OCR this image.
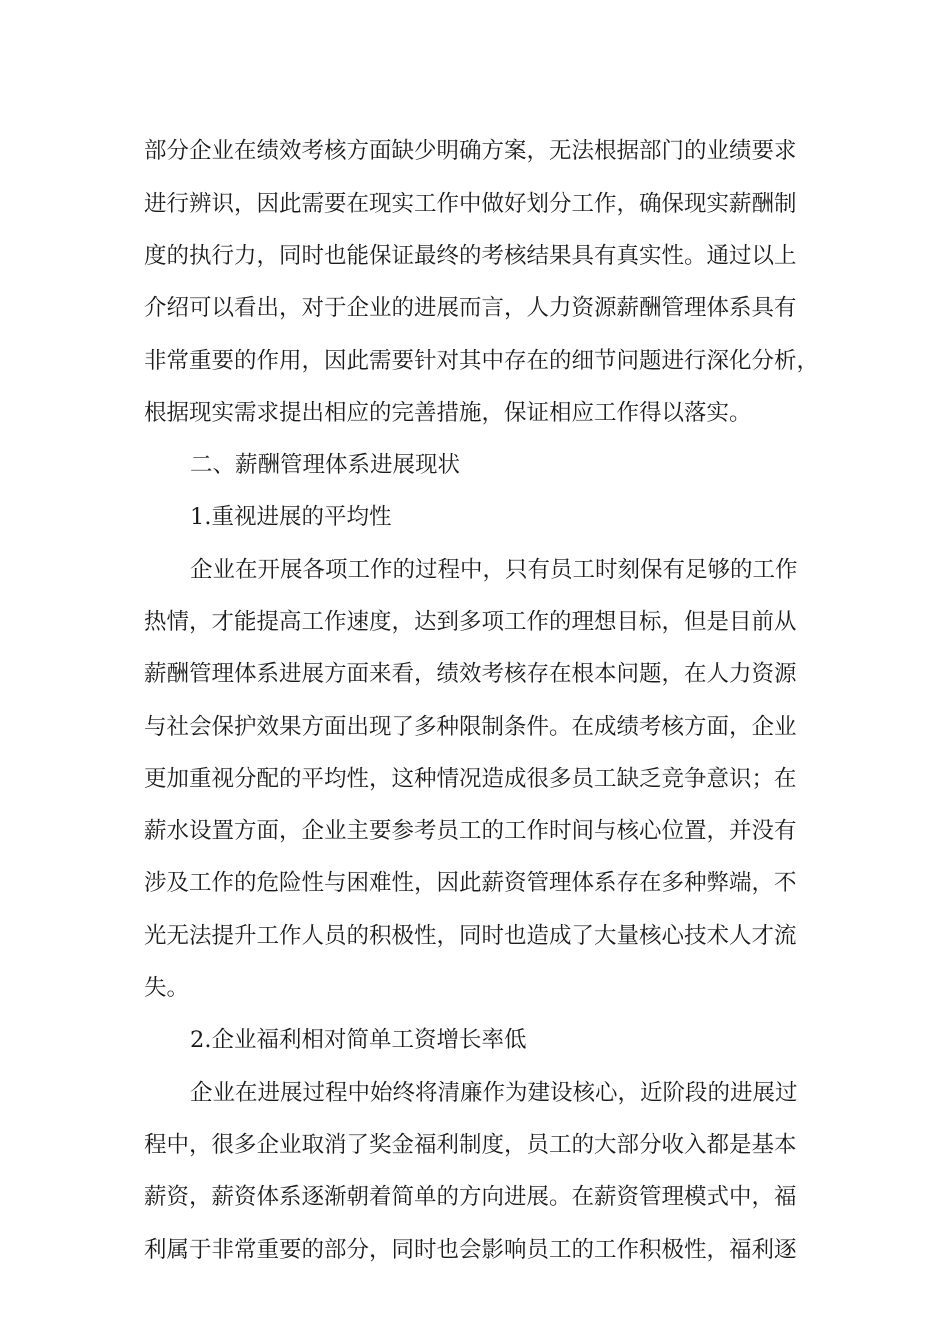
部分企业在绩效考核方面缺少明确方案，无法根据部门的业绩要求
进行辨识，因此需要在现实工作中做好划分工作，确保现实薪酬制
度的执行力，同时也能保证最终的考核结果具有真实性。通过以上
介绍可以看出，对于企业的进展而言，人力资源薪酬管理体系具有
非常重要的作用，因此需要针对其中存在的细节问题进行深化分析，
根据现实需求提出相应的完善措施，保证相应工作得以落实。
二、薪酬管理体系进展现状
1.重视进展的平均性
企业在开展各项工作的过程中，只有员工时刻保有足够的工作
热情，才能提高工作速度，达到多项工作的理想目标，但是目前从
薪酬管理体系进展方面来看，绩效考核存在根本问题，在人力资源
与社会保护效果方面出现了多种限制条件。在成绩考核方面，企业
更加重视分配的平均性，这种情况造成很多员工缺乏竞争意识；在
薪水设置方面，企业主要参考员工的工作时间与核心位置，并没有
涉及工作的危险性与困难性，因此薪资管理体系存在多种弊端，不
光无法提升工作人员的积极性，同时也造成了大量核心技术人才流
失。
2.企业福利相对简单工资增长率低
企业在进展过程中始终将清廉作为建设核心，近阶段的进展过
程中，很多企业取消了奖金福利制度，员工的大部分收入都是基本
薪资，薪资体系逐渐朝着简单的方向进展。在薪资管理模式中，福
利属于非常重要的部分，同时也会影响员工的工作积极性，福利逐
